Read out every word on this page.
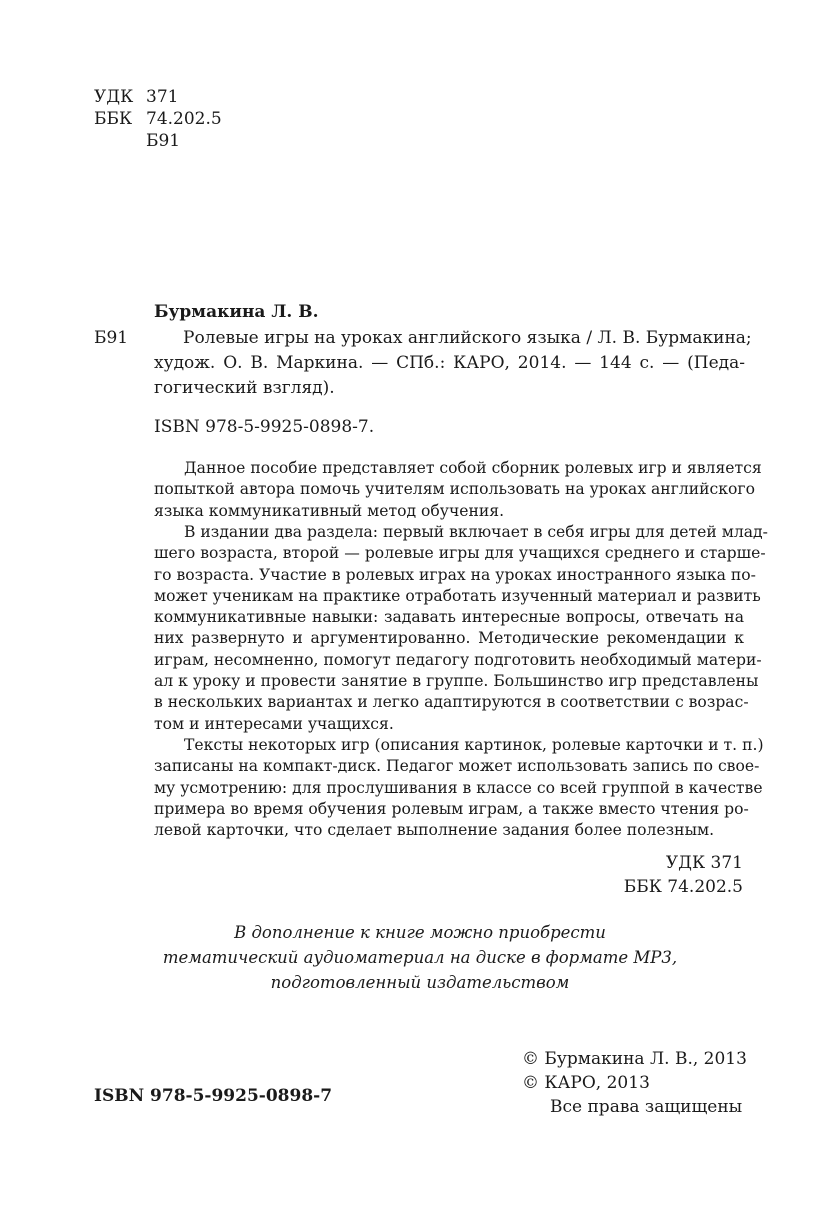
УДК 371
ББК 74.202.5
Б91
Бурмакина Л. В.
Б91	Ролевые игры на уроках английского языка / Л. В. Бурмакина;
худож. О. В. Маркина. — СПб.: КАРО, 2014. — 144 с. — (Педа-
гогический взгляд).
ISBN 978-5-9925-0898-7.
Данное пособие представляет собой сборник ролевых игр и является
попыткой автора помочь учителям использовать на уроках английского
языка коммуникативный метод обучения.
В издании два раздела: первый включает в себя игры для детей млад-
шего возраста, второй — ролевые игры для учащихся среднего и старше-
го возраста. Участие в ролевых играх на уроках иностранного языка по-
может ученикам на практике отработать изученный материал и развить
коммуникативные навыки: задавать интересные вопросы, отвечать на
них развернуто и аргументированно. Методические рекомендации к
играм, несомненно, помогут педагогу подготовить необходимый матери-
ал к уроку и провести занятие в группе. Большинство игр представлены
в нескольких вариантах и легко адаптируются в соответствии с возрас-
том и интересами учащихся.
Тексты некоторых игр (описания картинок, ролевые карточки и т. п.)
записаны на компакт-диск. Педагог может использовать запись по свое-
му усмотрению: для прослушивания в классе со всей группой в качестве
примера во время обучения ролевым играм, а также вместо чтения ро-
левой карточки, что сделает выполнение задания более полезным.
УДК 371
ББК 74.202.5
В дополнение к книге можно приобрести
тематический аудиоматериал на диске в формате МР3,
подготовленный издательством
ISBN 978-5-9925-0898-7
© Бурмакина Л. В., 2013
© КАРО, 2013
Все права защищены
